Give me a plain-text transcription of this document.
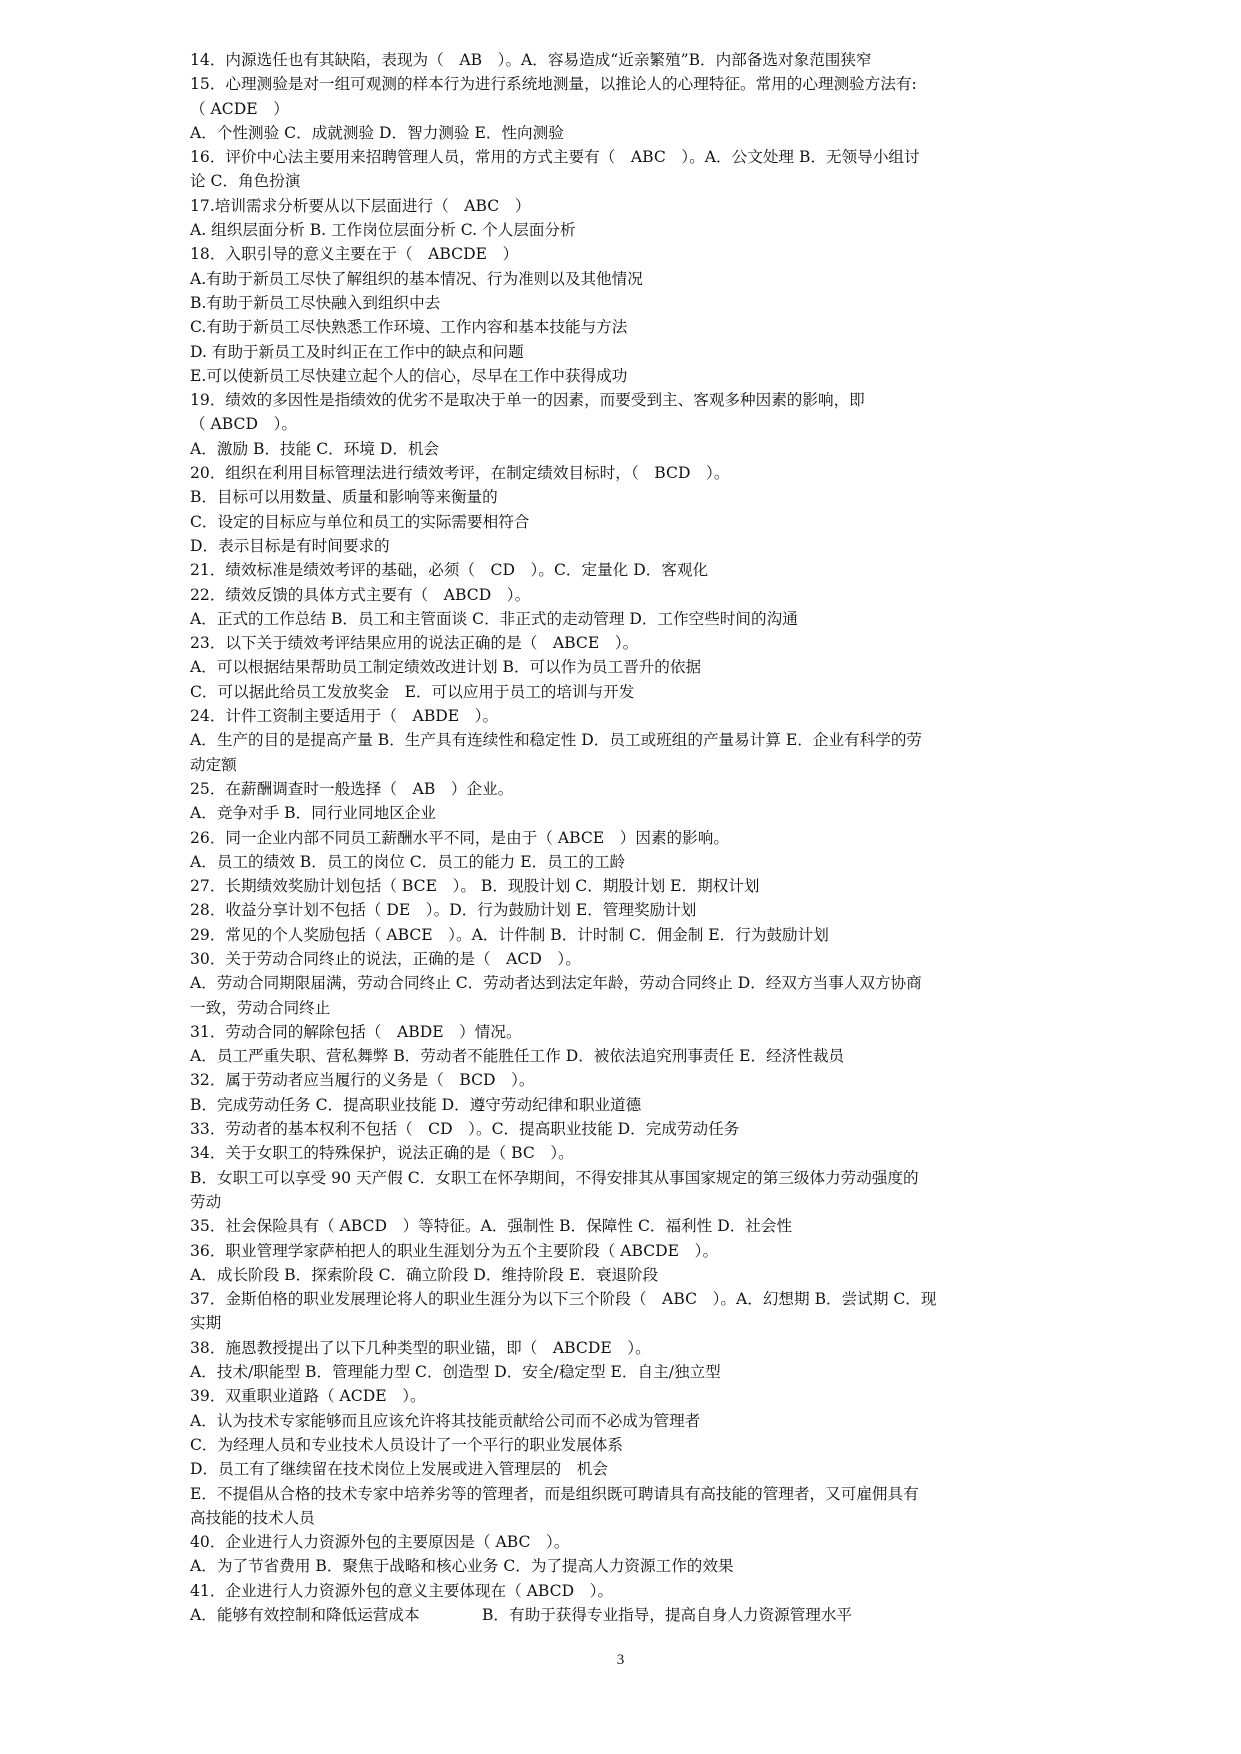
14．内源选任也有其缺陷，表现为（　AB　）。A．容易造成“近亲繁殖”B．内部备选对象范围狭窄
15．心理测验是对一组可观测的样本行为进行系统地测量，以推论人的心理特征。常用的心理测验方法有:
（ ACDE　）
A．个性测验 C．成就测验 D．智力测验 E．性向测验
16．评价中心法主要用来招聘管理人员，常用的方式主要有（　ABC　）。A．公文处理 B．无领导小组讨
论 C．角色扮演
17.培训需求分析要从以下层面进行（　ABC　）
A. 组织层面分析 B. 工作岗位层面分析 C. 个人层面分析
18．入职引导的意义主要在于（　ABCDE　）
A.有助于新员工尽快了解组织的基本情况、行为准则以及其他情况
B.有助于新员工尽快融入到组织中去
C.有助于新员工尽快熟悉工作环境、工作内容和基本技能与方法
D. 有助于新员工及时纠正在工作中的缺点和问题
E.可以使新员工尽快建立起个人的信心，尽早在工作中获得成功
19．绩效的多因性是指绩效的优劣不是取决于单一的因素，而要受到主、客观多种因素的影响，即
（ ABCD　）。
A．激励 B．技能 C．环境 D．机会
20．组织在利用目标管理法进行绩效考评，在制定绩效目标时，（　BCD　）。
B．目标可以用数量、质量和影响等来衡量的
C．设定的目标应与单位和员工的实际需要相符合
D．表示目标是有时间要求的
21．绩效标准是绩效考评的基础，必须（　CD　）。C．定量化 D．客观化
22．绩效反馈的具体方式主要有（　ABCD　）。
A．正式的工作总结 B．员工和主管面谈 C．非正式的走动管理 D．工作空些时间的沟通
23．以下关于绩效考评结果应用的说法正确的是（　ABCE　）。
A．可以根据结果帮助员工制定绩效改进计划 B．可以作为员工晋升的依据
C．可以据此给员工发放奖金　E．可以应用于员工的培训与开发
24．计件工资制主要适用于（　ABDE　）。
A．生产的目的是提高产量 B．生产具有连续性和稳定性 D．员工或班组的产量易计算 E．企业有科学的劳
动定额
25．在薪酬调查时一般选择（　AB　）企业。
A．竞争对手 B．同行业同地区企业
26．同一企业内部不同员工薪酬水平不同，是由于（ ABCE　）因素的影响。
A．员工的绩效 B．员工的岗位 C．员工的能力 E．员工的工龄
27．长期绩效奖励计划包括（ BCE　）。 B．现股计划 C．期股计划 E．期权计划
28．收益分享计划不包括（ DE　）。D．行为鼓励计划 E．管理奖励计划
29．常见的个人奖励包括（ ABCE　）。A．计件制 B．计时制 C．佣金制 E．行为鼓励计划
30．关于劳动合同终止的说法，正确的是（　ACD　）。
A．劳动合同期限届满，劳动合同终止 C．劳动者达到法定年龄，劳动合同终止 D．经双方当事人双方协商
一致，劳动合同终止
31．劳动合同的解除包括（　ABDE　）情况。
A．员工严重失职、营私舞弊 B．劳动者不能胜任工作 D．被依法追究刑事责任 E．经济性裁员
32．属于劳动者应当履行的义务是（　BCD　）。
B．完成劳动任务 C．提高职业技能 D．遵守劳动纪律和职业道德
33．劳动者的基本权利不包括（　CD　）。C．提高职业技能 D．完成劳动任务
34．关于女职工的特殊保护，说法正确的是（ BC　）。
B．女职工可以享受 90 天产假 C．女职工在怀孕期间，不得安排其从事国家规定的第三级体力劳动强度的
劳动
35．社会保险具有（ ABCD　）等特征。A．强制性 B．保障性 C．福利性 D．社会性
36．职业管理学家萨柏把人的职业生涯划分为五个主要阶段（ ABCDE　）。
A．成长阶段 B．探索阶段 C．确立阶段 D．维持阶段 E．衰退阶段
37．金斯伯格的职业发展理论将人的职业生涯分为以下三个阶段（　ABC　）。A．幻想期 B．尝试期 C．现
实期
38．施恩教授提出了以下几种类型的职业锚，即（　ABCDE　）。
A．技术/职能型 B．管理能力型 C．创造型 D．安全/稳定型 E．自主/独立型
39．双重职业道路（ ACDE　）。
A．认为技术专家能够而且应该允许将其技能贡献给公司而不必成为管理者
C．为经理人员和专业技术人员设计了一个平行的职业发展体系
D．员工有了继续留在技术岗位上发展或进入管理层的　机会
E．不提倡从合格的技术专家中培养劣等的管理者，而是组织既可聘请具有高技能的管理者，又可雇佣具有
高技能的技术人员
40．企业进行人力资源外包的主要原因是（ ABC　）。
A．为了节省费用 B．聚焦于战略和核心业务 C．为了提高人力资源工作的效果
41．企业进行人力资源外包的意义主要体现在（ ABCD　）。
A．能够有效控制和降低运营成本　　　　B．有助于获得专业指导，提高自身人力资源管理水平
3
